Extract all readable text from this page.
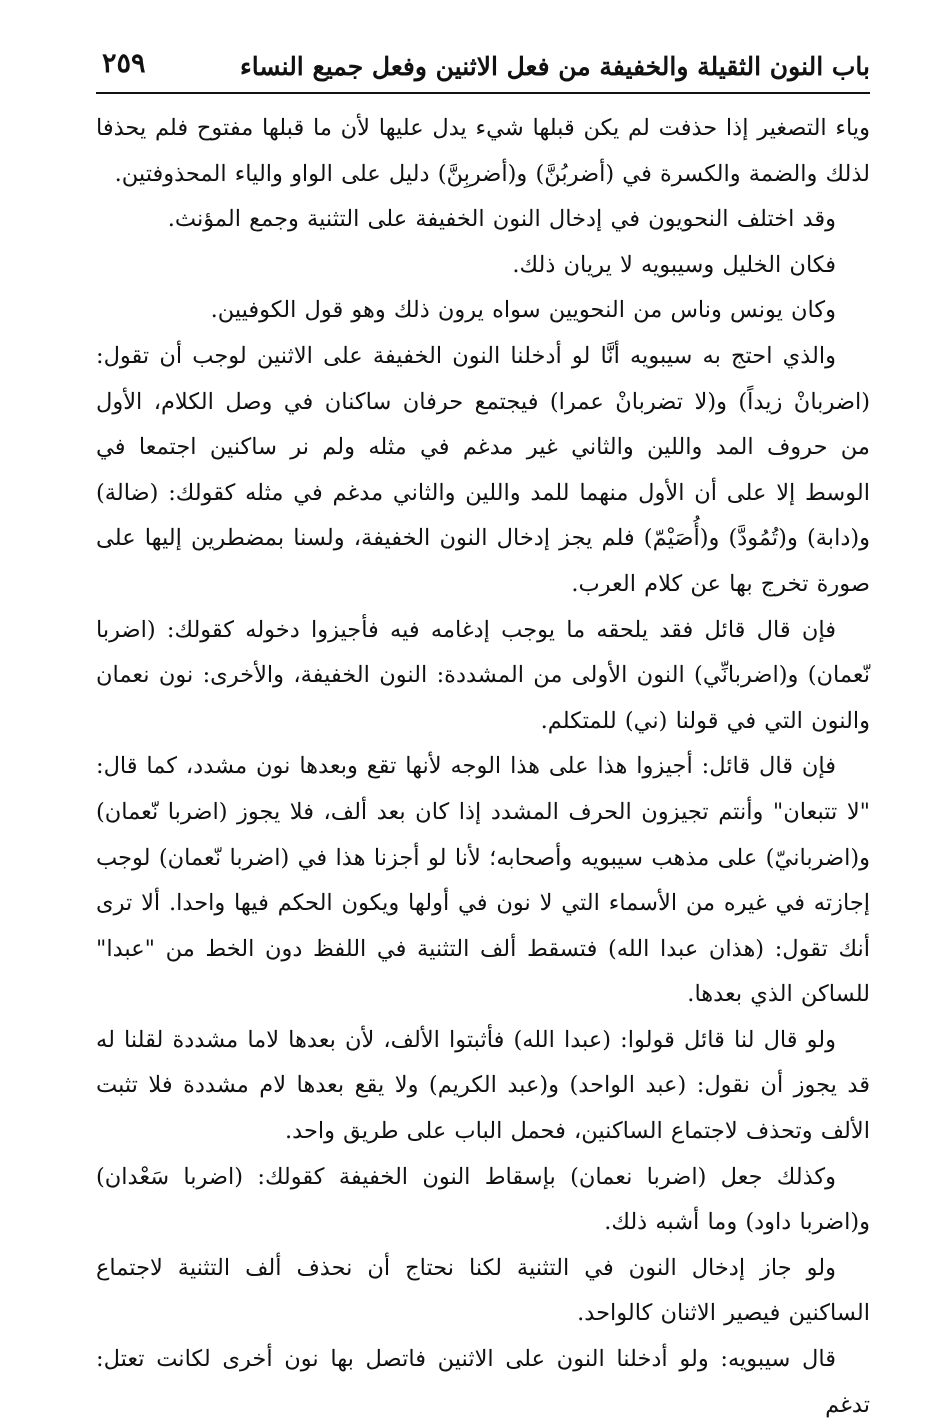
باب النون الثقيلة والخفيفة من فعل الاثنين وفعل جميع النساء
٢٥٩

وياء التصغير إذا حذفت لم يكن قبلها شيء يدل عليها لأن ما قبلها مفتوح فلم يحذفا لذلك والضمة والكسرة في (أضربُنَّ) و(أضربِنَّ) دليل على الواو والياء المحذوفتين.

وقد اختلف النحويون في إدخال النون الخفيفة على التثنية وجمع المؤنث.

فكان الخليل وسيبويه لا يريان ذلك.

وكان يونس وناس من النحويين سواه يرون ذلك وهو قول الكوفيين.

والذي احتج به سيبويه أنَّا لو أدخلنا النون الخفيفة على الاثنين لوجب أن تقول: (اضربانْ زيداً) و(لا تضربانْ عمرا) فيجتمع حرفان ساكنان في وصل الكلام، الأول من حروف المد واللين والثاني غير مدغم في مثله ولم نر ساكنين اجتمعا في الوسط إلا على أن الأول منهما للمد واللين والثاني مدغم في مثله كقولك: (ضالة) و(دابة) و(تُمُودَّ) و(أُصَيْمّ) فلم يجز إدخال النون الخفيفة، ولسنا بمضطرين إليها على صورة تخرج بها عن كلام العرب.

فإن قال قائل فقد يلحقه ما يوجب إدغامه فيه فأجيزوا دخوله كقولك: (اضربا نّعمان) و(اضربانِّي) النون الأولى من المشددة: النون الخفيفة، والأخرى: نون نعمان والنون التي في قولنا (ني) للمتكلم.

فإن قال قائل: أجيزوا هذا على هذا الوجه لأنها تقع وبعدها نون مشدد، كما قال: "لا تتبعان" وأنتم تجيزون الحرف المشدد إذا كان بعد ألف، فلا يجوز (اضربا نّعمان) و(اضربانيّ) على مذهب سيبويه وأصحابه؛ لأنا لو أجزنا هذا في (اضربا نّعمان) لوجب إجازته في غيره من الأسماء التي لا نون في أولها ويكون الحكم فيها واحدا. ألا ترى أنك تقول: (هذان عبدا الله) فتسقط ألف التثنية في اللفظ دون الخط من "عبدا" للساكن الذي بعدها.

ولو قال لنا قائل قولوا: (عبدا الله) فأثبتوا الألف، لأن بعدها لاما مشددة لقلنا له قد يجوز أن نقول: (عبد الواحد) و(عبد الكريم) ولا يقع بعدها لام مشددة فلا تثبت الألف وتحذف لاجتماع الساكنين، فحمل الباب على طريق واحد.

وكذلك جعل (اضربا نعمان) بإسقاط النون الخفيفة كقولك: (اضربا سَعْدان) و(اضربا داود) وما أشبه ذلك.

ولو جاز إدخال النون في التثنية لكنا نحتاج أن نحذف ألف التثنية لاجتماع الساكنين فيصير الاثنان كالواحد.

قال سيبويه: ولو أدخلنا النون على الاثنين فاتصل بها نون أخرى لكانت تعتل: تدغم
